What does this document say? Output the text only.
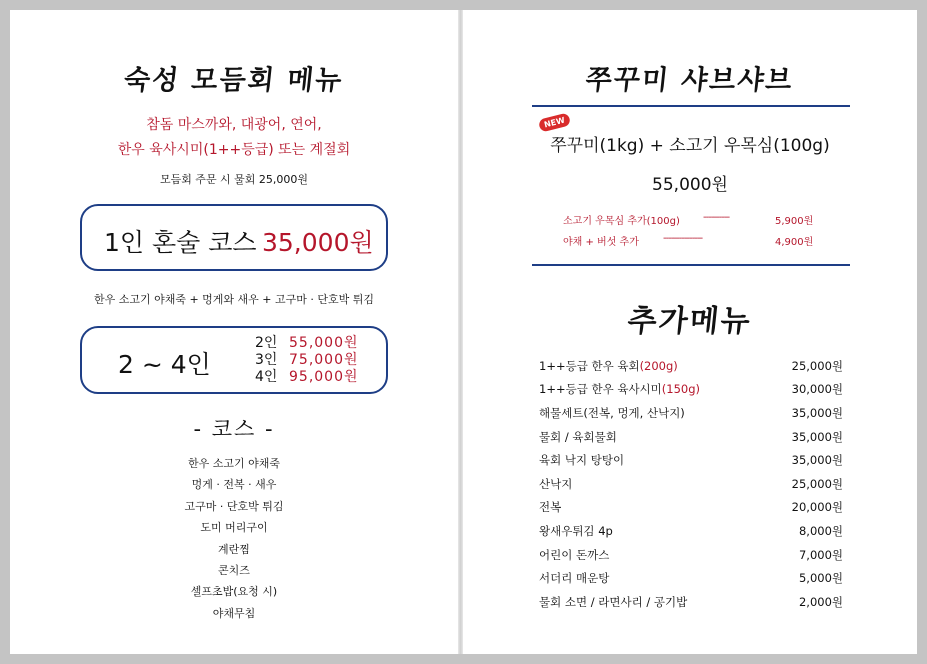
숙성 모듬회 메뉴
참돔 마스까와, 대광어, 연어,
한우 육사시미(1++등급) 또는 계절회
모듬회 주문 시 물회 25,000원
1인 혼술 코스 35,000원
한우 소고기 야채죽 + 멍게와 새우 + 고구마 · 단호박 튀김
2 ~ 4인
2인 55,000원
3인 75,000원
4인 95,000원
- 코스 -
한우 소고기 야채죽
멍게 · 전복 · 새우
고구마 · 단호박 튀김
도미 머리구이
계란찜
콘치즈
셀프초밥(요청 시)
야채무침
쭈꾸미 샤브샤브
NEW
쭈꾸미(1kg) + 소고기 우목심(100g)
55,000원
소고기 우목심 추가(100g)	----------	5,900원
야채 + 버섯 추가	---------------	4,900원
추가메뉴
1++등급 한우 육회(200g)	25,000원
1++등급 한우 육사시미(150g)	30,000원
해물세트(전복, 멍게, 산낙지)	35,000원
물회 / 육회물회	35,000원
육회 낙지 탕탕이	35,000원
산낙지	25,000원
전복	20,000원
왕새우튀김 4p	8,000원
어린이 돈까스	7,000원
서더리 매운탕	5,000원
물회 소면 / 라면사리 / 공기밥	2,000원
